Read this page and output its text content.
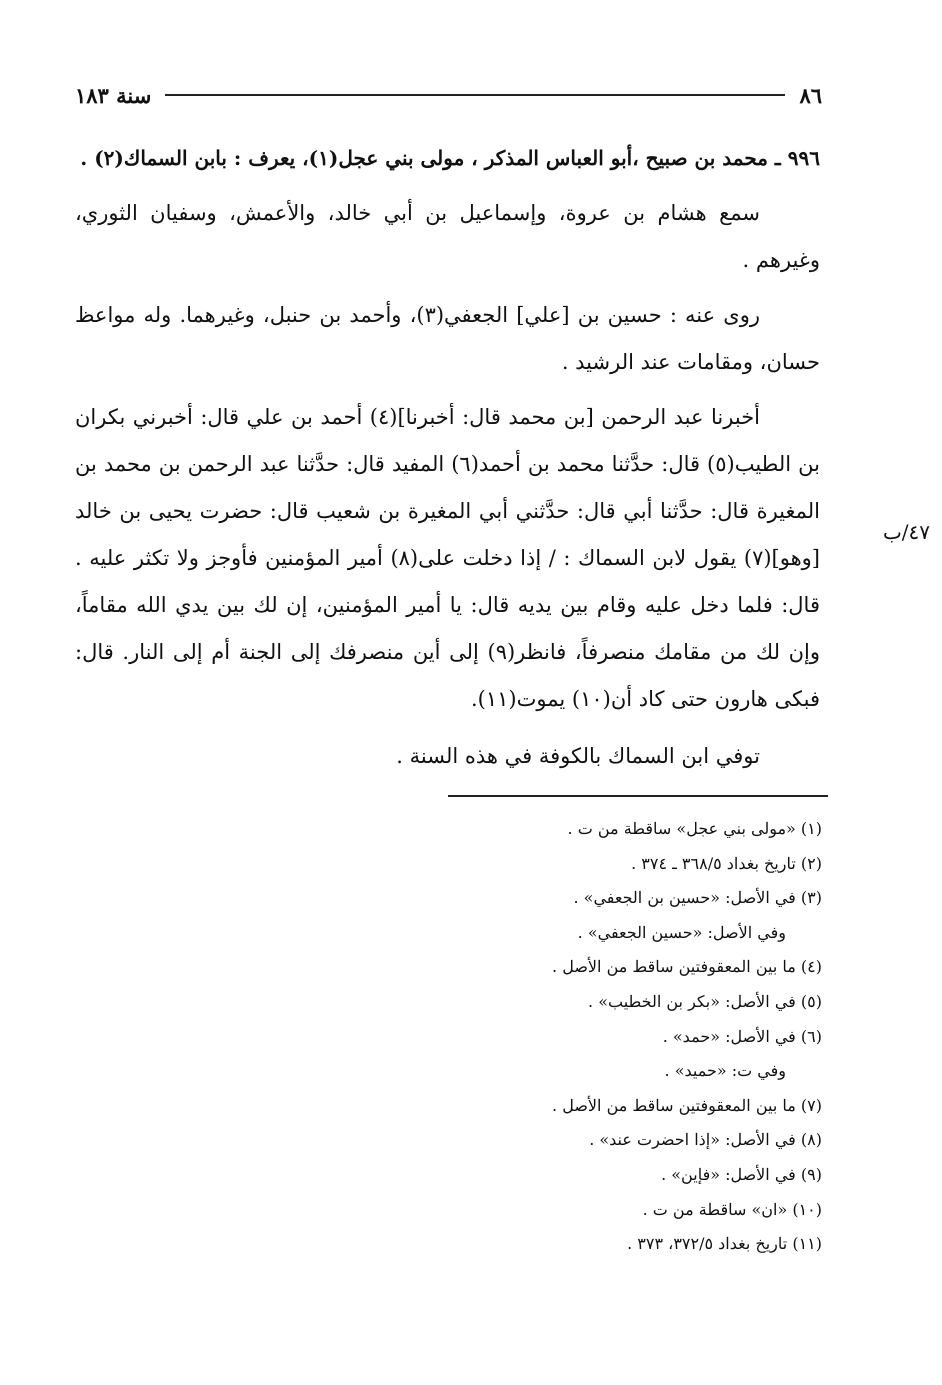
٨٦
سنة ١٨٣

٩٩٦ ـ محمد بن صبيح ،أبو العباس المذكر ، مولى بني عجل(١)، يعرف : بابن السماك(٢) .

سمع هشام بن عروة، وإسماعيل بن أبي خالد، والأعمش، وسفيان الثوري، وغيرهم .

روى عنه : حسين بن [علي] الجعفي(٣)، وأحمد بن حنبل، وغيرهما. وله مواعظ حسان، ومقامات عند الرشيد .

أخبرنا عبد الرحمن [بن محمد قال: أخبرنا](٤) أحمد بن علي قال: أخبرني بكران بن الطيب(٥) قال: حدَّثنا محمد بن أحمد(٦) المفيد قال: حدَّثنا عبد الرحمن بن محمد بن المغيرة قال: حدَّثنا أبي قال: حدَّثني أبي المغيرة بن شعيب قال: حضرت يحيى بن خالد [وهو](٧) يقول لابن السماك : / إذا دخلت على(٨) أمير المؤمنين فأوجز ولا تكثر عليه . قال: فلما دخل عليه وقام بين يديه قال: يا أمير المؤمنين، إن لك بين يدي الله مقاماً، وإن لك من مقامك منصرفاً، فانظر(٩) إلى أين منصرفك إلى الجنة أم إلى النار. قال: فبكى هارون حتى كاد أن(١٠) يموت(١١).

توفي ابن السماك بالكوفة في هذه السنة .

٤٧/ب
(١) «مولى بني عجل» ساقطة من ت .
(٢) تاريخ بغداد ٣٦٨/٥ ـ ٣٧٤ .
(٣) في الأصل: «حسين بن الجعفي» .
وفي الأصل: «حسين الجعفي» .
(٤) ما بين المعقوفتين ساقط من الأصل .
(٥) في الأصل: «بكر بن الخطيب» .
(٦) في الأصل: «حمد» .
وفي ت: «حميد» .
(٧) ما بين المعقوفتين ساقط من الأصل .
(٨) في الأصل: «إذا احضرت عند» .
(٩) في الأصل: «فإين» .
(١٠) «ان» ساقطة من ت .
(١١) تاريخ بغداد ٣٧٢/٥، ٣٧٣ .
